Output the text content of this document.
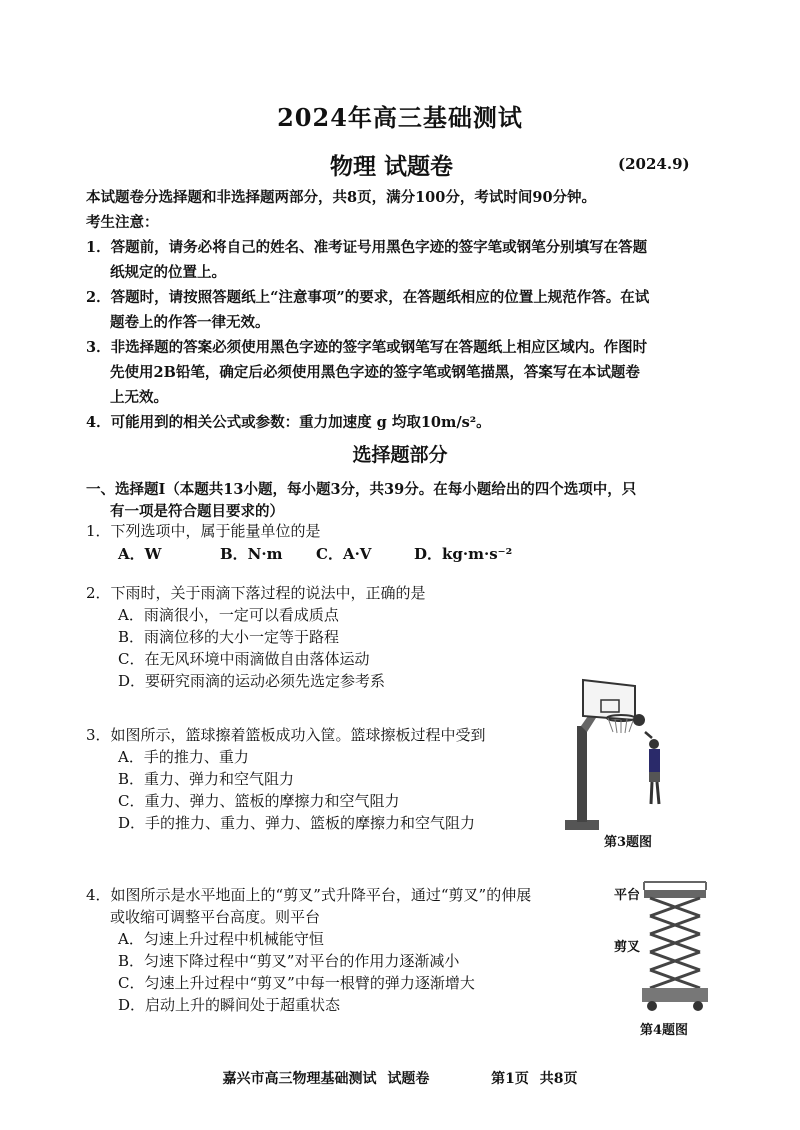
2024年高三基础测试
物理 试题卷	(2024.9)
本试题卷分选择题和非选择题两部分，共8页，满分100分，考试时间90分钟。
考生注意：
1．答题前，请务必将自己的姓名、准考证号用黑色字迹的签字笔或钢笔分别填写在答题
纸规定的位置上。
2．答题时，请按照答题纸上“注意事项”的要求，在答题纸相应的位置上规范作答。在试
题卷上的作答一律无效。
3．非选择题的答案必须使用黑色字迹的签字笔或钢笔写在答题纸上相应区域内。作图时
先使用2B铅笔，确定后必须使用黑色字迹的签字笔或钢笔描黑，答案写在本试题卷
上无效。
4．可能用到的相关公式或参数：重力加速度 g 均取10m/s²。
选择题部分
一、选择题Ⅰ（本题共13小题，每小题3分，共39分。在每小题给出的四个选项中，只
有一项是符合题目要求的）
1．下列选项中，属于能量单位的是
A．W	B．N·m C．A·V	D．kg·m·s⁻²
2．下雨时，关于雨滴下落过程的说法中，正确的是
A．雨滴很小，一定可以看成质点
B．雨滴位移的大小一定等于路程
C．在无风环境中雨滴做自由落体运动
D．要研究雨滴的运动必须先选定参考系
3．如图所示，篮球擦着篮板成功入筐。篮球擦板过程中受到
A．手的推力、重力
B．重力、弹力和空气阻力
C．重力、弹力、篮板的摩擦力和空气阻力
D．手的推力、重力、弹力、篮板的摩擦力和空气阻力
第3题图
4．如图所示是水平地面上的“剪叉”式升降平台，通过“剪叉”的伸展
或收缩可调整平台高度。则平台
A．匀速上升过程中机械能守恒
B．匀速下降过程中“剪叉”对平台的作用力逐渐减小
C．匀速上升过程中“剪叉”中每一根臂的弹力逐渐增大
D．启动上升的瞬间处于超重状态
平台
剪叉
第4题图
嘉兴市高三物理基础测试 试题卷	第1页 共8页
